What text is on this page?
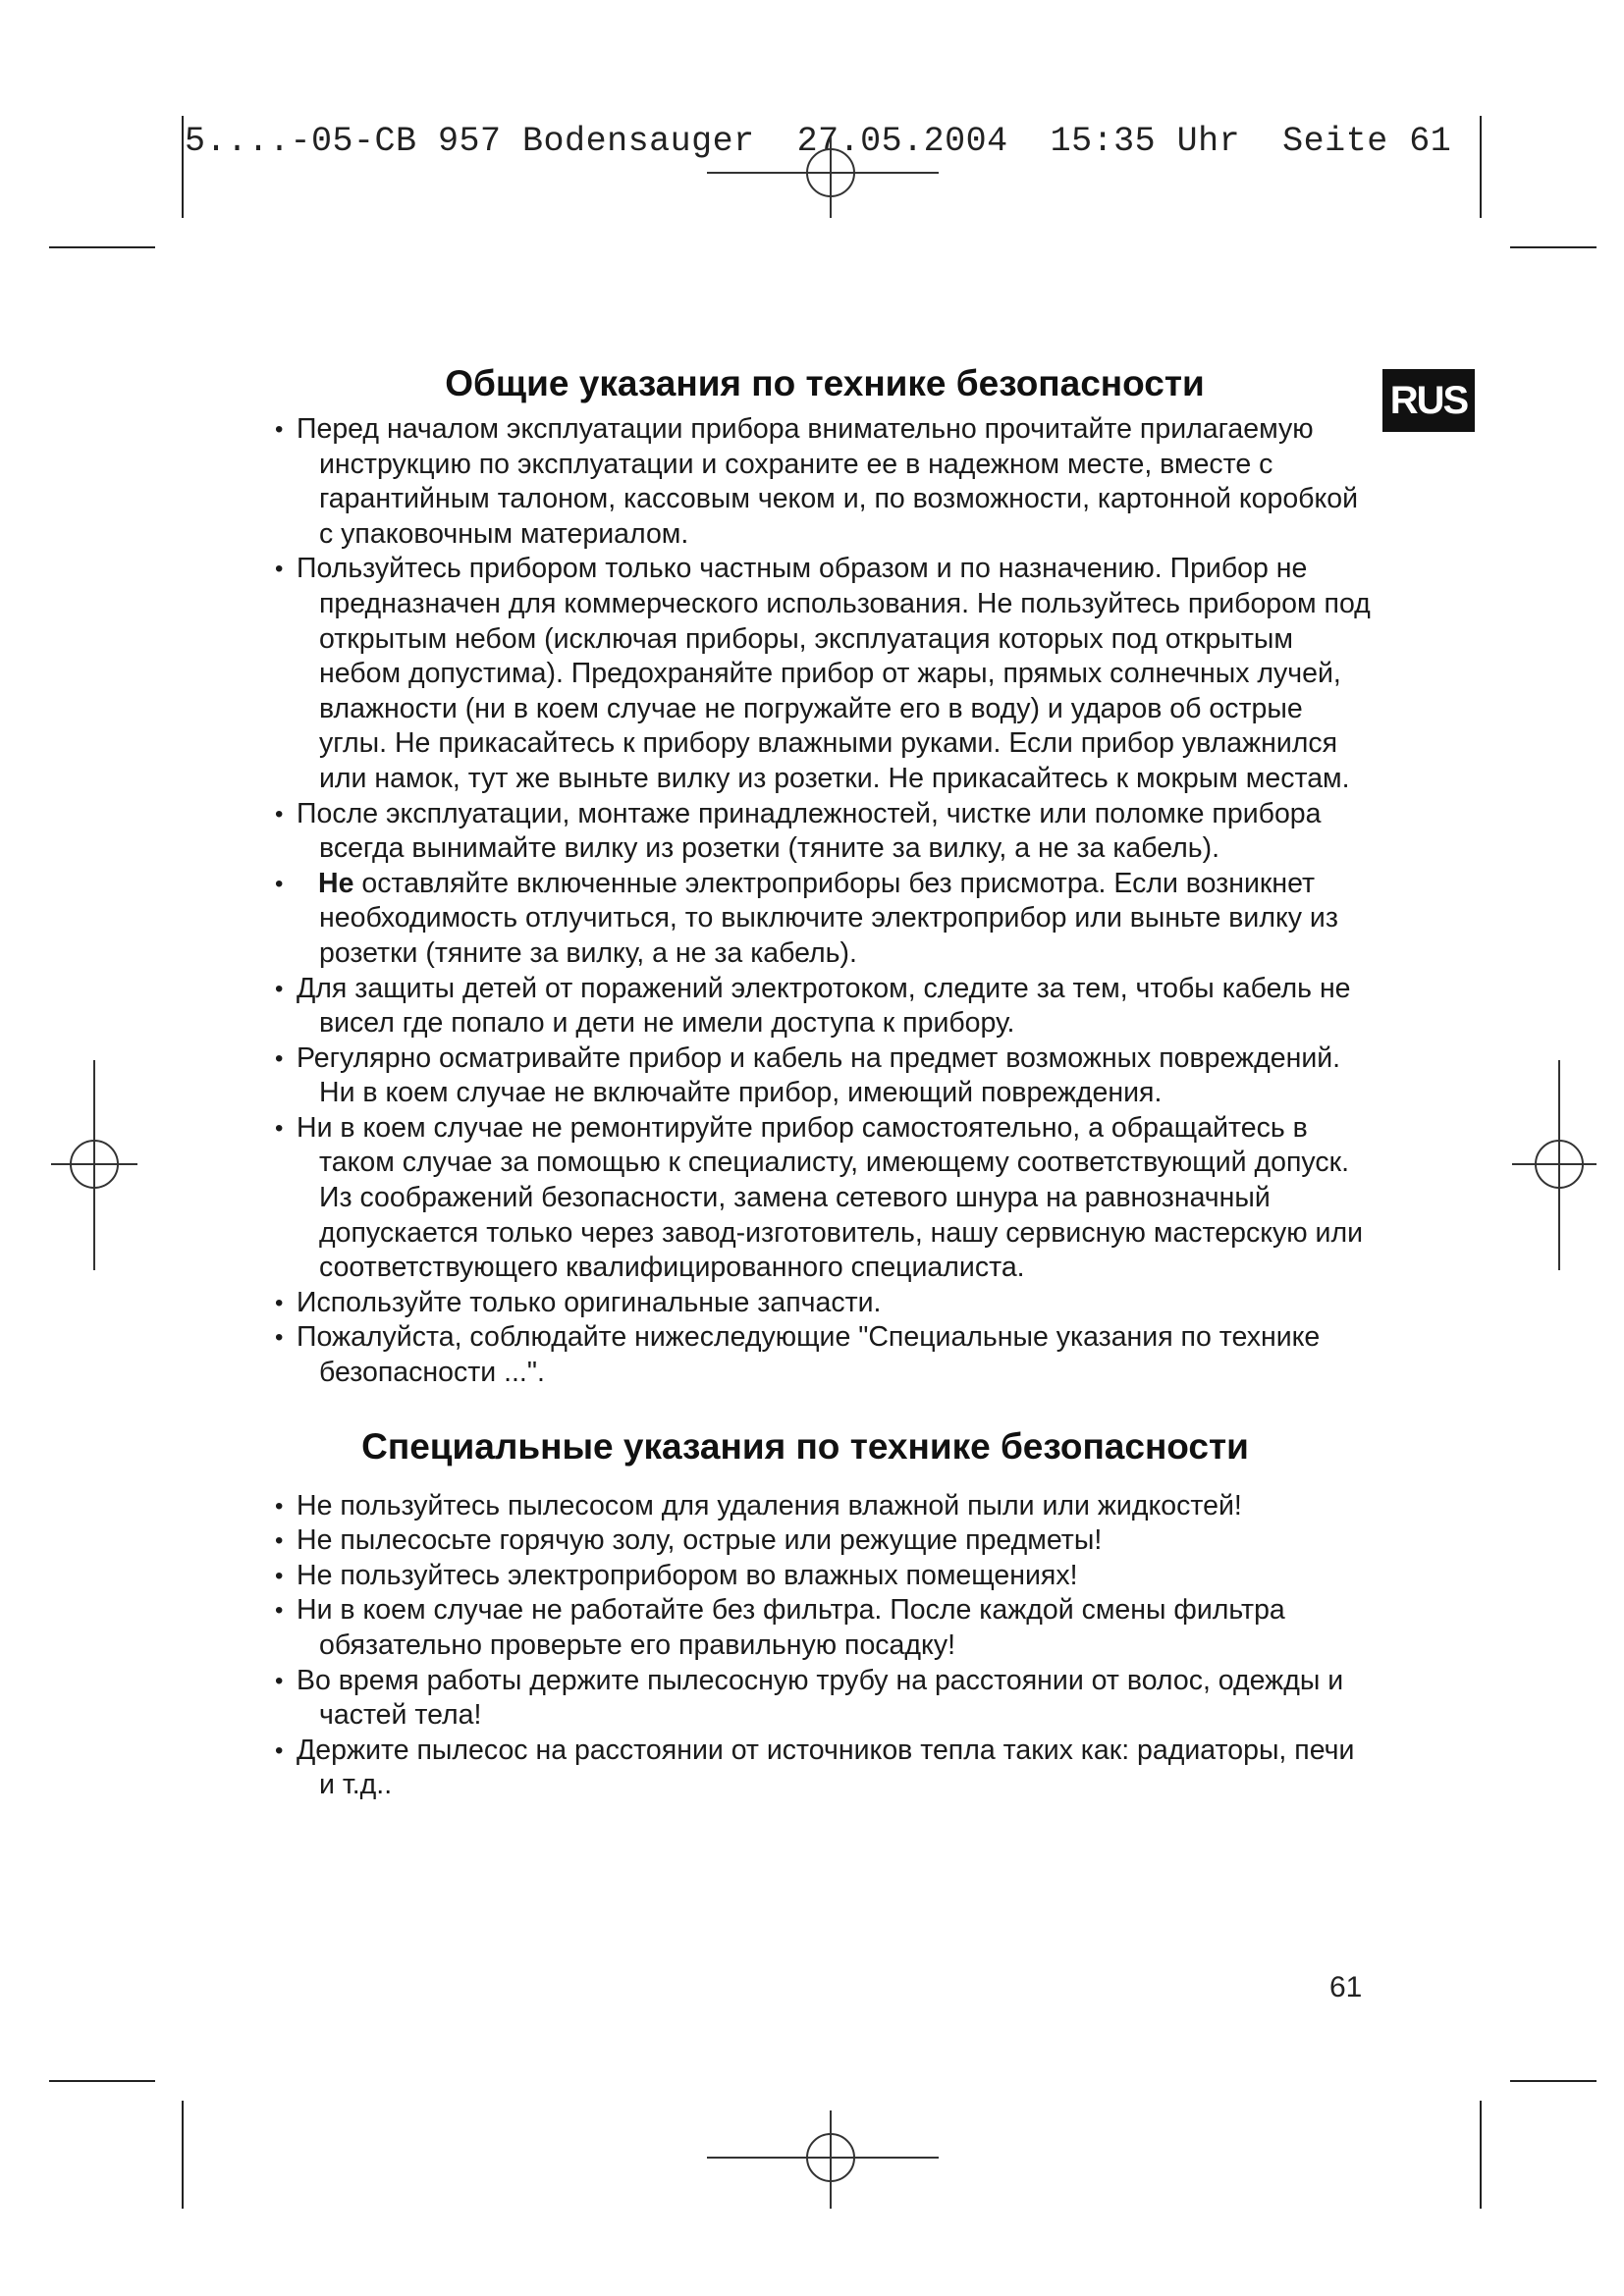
5....-05-CB 957 Bodensauger  27.05.2004  15:35 Uhr  Seite 61
RUS
Общие указания по технике безопасности
• Перед началом эксплуатации прибора внимательно прочитайте прилагаемую инструкцию по эксплуатации и сохраните ее в надежном месте, вместе с гарантийным талоном, кассовым чеком и, по возможности, картонной коробкой с упаковочным материалом.
• Пользуйтесь прибором только частным образом и по назначению. Прибор не предназначен для коммерческого использования. Не пользуйтесь прибором под открытым небом (исключая приборы, эксплуатация которых под открытым небом допустима). Предохраняйте прибор от жары, прямых солнечных лучей, влажности (ни в коем случае не погружайте его в воду) и ударов об острые углы. Не прикасайтесь к прибору влажными руками. Если прибор увлажнился или намок, тут же выньте вилку из розетки. Не прикасайтесь к мокрым местам.
• После эксплуатации, монтаже принадлежностей, чистке или поломке прибора всегда вынимайте вилку из розетки (тяните за вилку, а не за кабель).
• Не оставляйте включенные электроприборы без присмотра. Если возникнет необходимость отлучиться, то выключите электроприбор или выньте вилку из розетки (тяните за вилку, а не за кабель).
• Для защиты детей от поражений электротоком, следите за тем, чтобы кабель не висел где попало и дети не имели доступа к прибору.
• Регулярно осматривайте прибор и кабель на предмет возможных повреждений. Ни в коем случае не включайте прибор, имеющий повреждения.
• Ни в коем случае не ремонтируйте прибор самостоятельно, а обращайтесь в таком случае за помощью к специалисту, имеющему соответствующий допуск. Из соображений безопасности, замена сетевого шнура на равнозначный допускается только через завод-изготовитель, нашу сервисную мастерскую или соответствующего квалифицированного специалиста.
• Используйте только оригинальные запчасти.
• Пожалуйста, соблюдайте нижеследующие "Специальные указания по технике безопасности ...".
Специальные указания по технике безопасности
• Не пользуйтесь пылесосом для удаления влажной пыли или жидкостей!
• Не пылесосьте горячую золу, острые или режущие предметы!
• Не пользуйтесь электроприбором во влажных помещениях!
• Ни в коем случае не работайте без фильтра. После каждой смены фильтра обязательно проверьте его правильную посадку!
• Во время работы держите пылесосную трубу на расстоянии от волос, одежды и частей тела!
• Держите пылесос на расстоянии от источников тепла таких как: радиаторы, печи и т.д..
61
